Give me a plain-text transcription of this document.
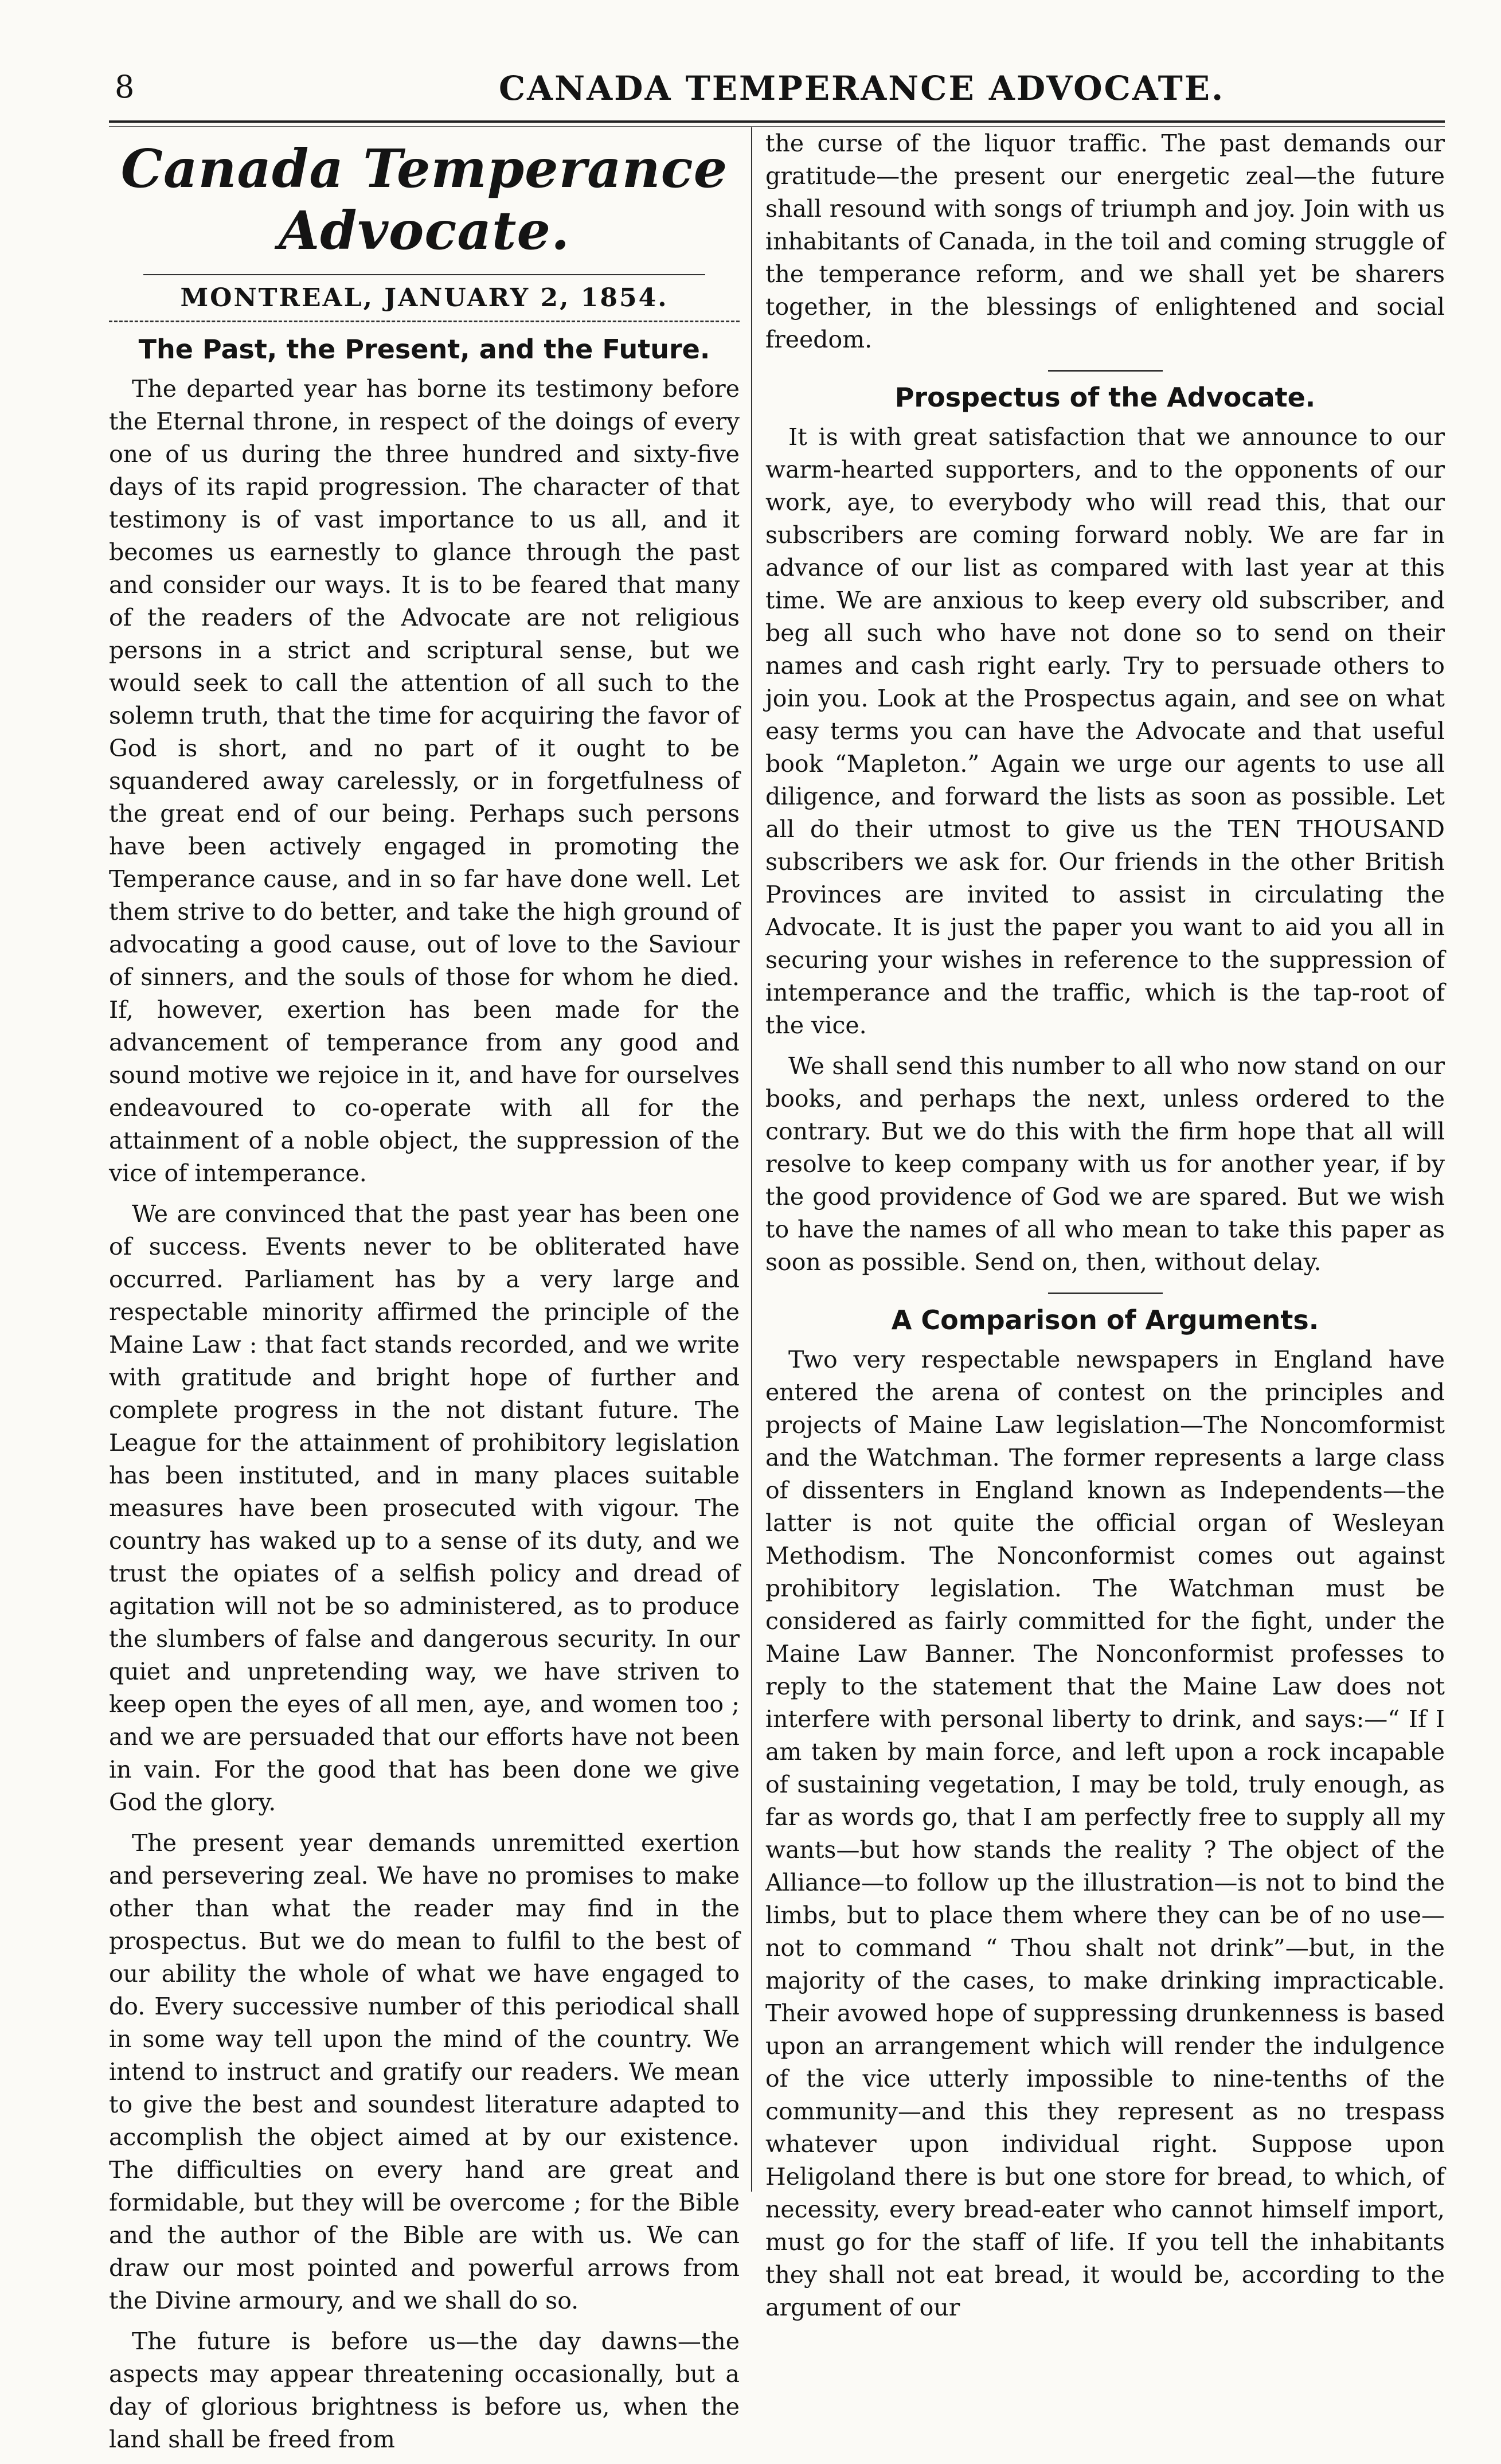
8	CANADA TEMPERANCE ADVOCATE.
Canada Temperance Advocate.
MONTREAL, JANUARY 2, 1854.
The Past, the Present, and the Future.

The departed year has borne its testimony before the Eternal throne, in respect of the doings of every one of us during the three hundred and sixty-five days of its rapid progression. The character of that testimony is of vast importance to us all, and it becomes us earnestly to glance through the past and consider our ways. It is to be feared that many of the readers of the Advocate are not religious persons in a strict and scriptural sense, but we would seek to call the attention of all such to the solemn truth, that the time for acquiring the favor of God is short, and no part of it ought to be squandered away carelessly, or in forgetfulness of the great end of our being. Perhaps such persons have been actively engaged in promoting the Temperance cause, and in so far have done well. Let them strive to do better, and take the high ground of advocating a good cause, out of love to the Saviour of sinners, and the souls of those for whom he died. If, however, exertion has been made for the advancement of temperance from any good and sound motive we rejoice in it, and have for ourselves endeavoured to co-operate with all for the attainment of a noble object, the suppression of the vice of intemperance.

We are convinced that the past year has been one of success. Events never to be obliterated have occurred. Parliament has by a very large and respectable minority affirmed the principle of the Maine Law : that fact stands recorded, and we write with gratitude and bright hope of further and complete progress in the not distant future. The League for the attainment of prohibitory legislation has been instituted, and in many places suitable measures have been prosecuted with vigour. The country has waked up to a sense of its duty, and we trust the opiates of a selfish policy and dread of agitation will not be so administered, as to produce the slumbers of false and dangerous security. In our quiet and unpretending way, we have striven to keep open the eyes of all men, aye, and women too ; and we are persuaded that our efforts have not been in vain. For the good that has been done we give God the glory.

The present year demands unremitted exertion and persevering zeal. We have no promises to make other than what the reader may find in the prospectus. But we do mean to fulfil to the best of our ability the whole of what we have engaged to do. Every successive number of this periodical shall in some way tell upon the mind of the country. We intend to instruct and gratify our readers. We mean to give the best and soundest literature adapted to accomplish the object aimed at by our existence. The difficulties on every hand are great and formidable, but they will be overcome ; for the Bible and the author of the Bible are with us. We can draw our most pointed and powerful arrows from the Divine armoury, and we shall do so.

The future is before us—the day dawns—the aspects may appear threatening occasionally, but a day of glorious brightness is before us, when the land shall be freed from

the curse of the liquor traffic. The past demands our gratitude—the present our energetic zeal—the future shall resound with songs of triumph and joy. Join with us inhabitants of Canada, in the toil and coming struggle of the temperance reform, and we shall yet be sharers together, in the blessings of enlightened and social freedom.

Prospectus of the Advocate.

It is with great satisfaction that we announce to our warm-hearted supporters, and to the opponents of our work, aye, to everybody who will read this, that our subscribers are coming forward nobly. We are far in advance of our list as compared with last year at this time. We are anxious to keep every old subscriber, and beg all such who have not done so to send on their names and cash right early. Try to persuade others to join you. Look at the Prospectus again, and see on what easy terms you can have the Advocate and that useful book “Mapleton.” Again we urge our agents to use all diligence, and forward the lists as soon as possible. Let all do their utmost to give us the TEN THOUSAND subscribers we ask for. Our friends in the other British Provinces are invited to assist in circulating the Advocate. It is just the paper you want to aid you all in securing your wishes in reference to the suppression of intemperance and the traffic, which is the tap-root of the vice.

We shall send this number to all who now stand on our books, and perhaps the next, unless ordered to the contrary. But we do this with the firm hope that all will resolve to keep company with us for another year, if by the good providence of God we are spared. But we wish to have the names of all who mean to take this paper as soon as possible. Send on, then, without delay.

A Comparison of Arguments.

Two very respectable newspapers in England have entered the arena of contest on the principles and projects of Maine Law legislation—The Noncomformist and the Watchman. The former represents a large class of dissenters in England known as Independents—the latter is not quite the official organ of Wesleyan Methodism. The Nonconformist comes out against prohibitory legislation. The Watchman must be considered as fairly committed for the fight, under the Maine Law Banner. The Nonconformist professes to reply to the statement that the Maine Law does not interfere with personal liberty to drink, and says:—“ If I am taken by main force, and left upon a rock incapable of sustaining vegetation, I may be told, truly enough, as far as words go, that I am perfectly free to supply all my wants—but how stands the reality ? The object of the Alliance—to follow up the illustration—is not to bind the limbs, but to place them where they can be of no use—not to command “ Thou shalt not drink”—but, in the majority of the cases, to make drinking impracticable. Their avowed hope of suppressing drunkenness is based upon an arrangement which will render the indulgence of the vice utterly impossible to nine-tenths of the community—and this they represent as no trespass whatever upon individual right. Suppose upon Heligoland there is but one store for bread, to which, of necessity, every bread-eater who cannot himself import, must go for the staff of life. If you tell the inhabitants they shall not eat bread, it would be, according to the argument of our
